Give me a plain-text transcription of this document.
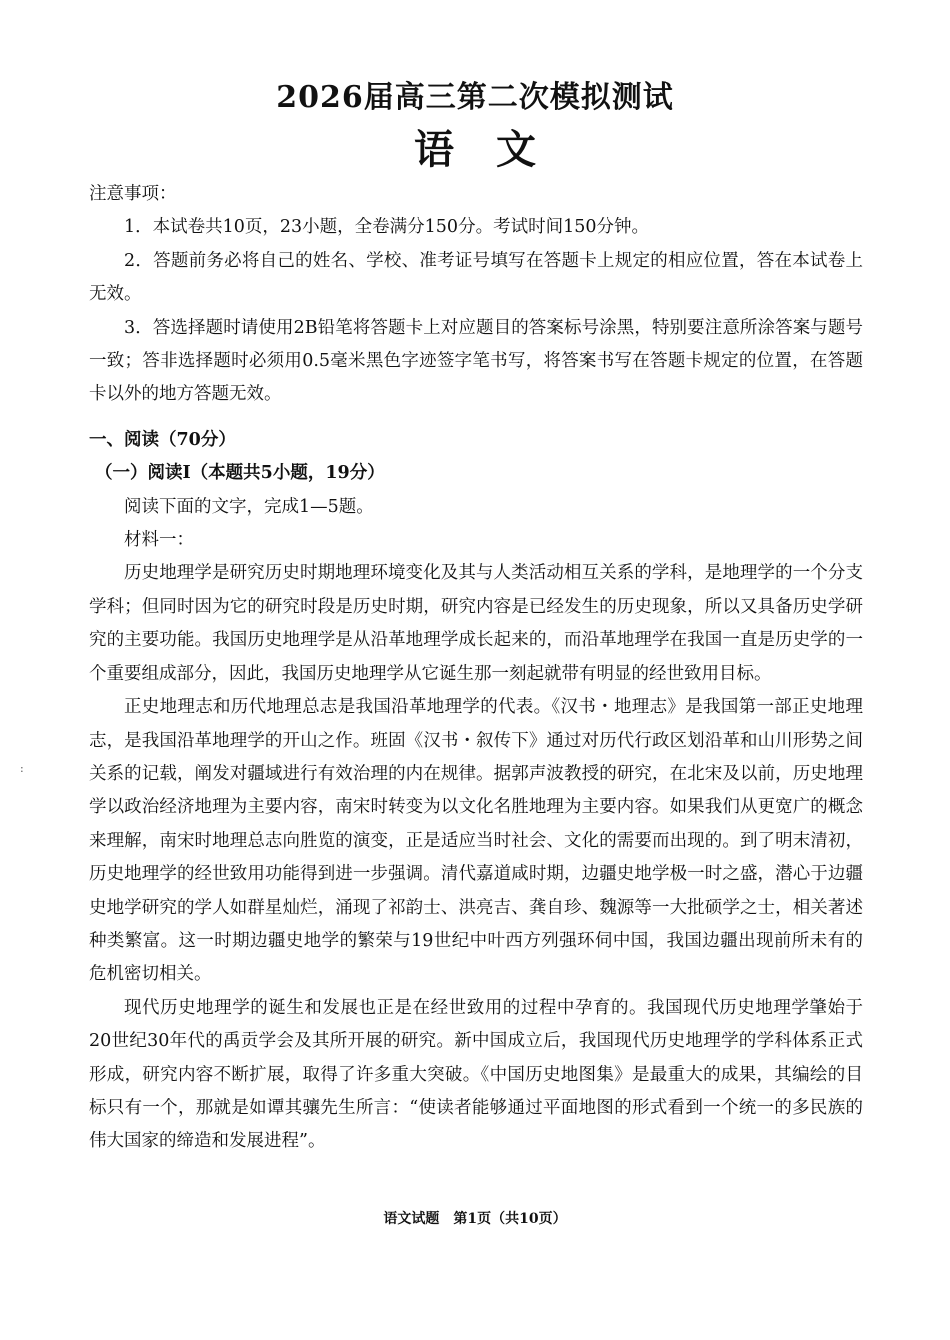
2026届高三第二次模拟测试
语文
:

注意事项：

1．本试卷共10页，23小题，全卷满分150分。考试时间150分钟。

2．答题前务必将自己的姓名、学校、准考证号填写在答题卡上规定的相应位置，答在本试卷上无效。

3．答选择题时请使用2B铅笔将答题卡上对应题目的答案标号涂黑，特别要注意所涂答案与题号一致；答非选择题时必须用0.5毫米黑色字迹签字笔书写，将答案书写在答题卡规定的位置，在答题卡以外的地方答题无效。

一、阅读（70分）

（一）阅读Ⅰ（本题共5小题，19分）

阅读下面的文字，完成1—5题。

材料一：

历史地理学是研究历史时期地理环境变化及其与人类活动相互关系的学科，是地理学的一个分支学科；但同时因为它的研究时段是历史时期，研究内容是已经发生的历史现象，所以又具备历史学研究的主要功能。我国历史地理学是从沿革地理学成长起来的，而沿革地理学在我国一直是历史学的一个重要组成部分，因此，我国历史地理学从它诞生那一刻起就带有明显的经世致用目标。

正史地理志和历代地理总志是我国沿革地理学的代表。《汉书・地理志》是我国第一部正史地理志，是我国沿革地理学的开山之作。班固《汉书・叙传下》通过对历代行政区划沿革和山川形势之间关系的记载，阐发对疆域进行有效治理的内在规律。据郭声波教授的研究，在北宋及以前，历史地理学以政治经济地理为主要内容，南宋时转变为以文化名胜地理为主要内容。如果我们从更宽广的概念来理解，南宋时地理总志向胜览的演变，正是适应当时社会、文化的需要而出现的。到了明末清初，历史地理学的经世致用功能得到进一步强调。清代嘉道咸时期，边疆史地学极一时之盛，潜心于边疆史地学研究的学人如群星灿烂，涌现了祁韵士、洪亮吉、龚自珍、魏源等一大批硕学之士，相关著述种类繁富。这一时期边疆史地学的繁荣与19世纪中叶西方列强环伺中国，我国边疆出现前所未有的危机密切相关。

现代历史地理学的诞生和发展也正是在经世致用的过程中孕育的。我国现代历史地理学肇始于20世纪30年代的禹贡学会及其所开展的研究。新中国成立后，我国现代历史地理学的学科体系正式形成，研究内容不断扩展，取得了许多重大突破。《中国历史地图集》是最重大的成果，其编绘的目标只有一个，那就是如谭其骧先生所言：“使读者能够通过平面地图的形式看到一个统一的多民族的伟大国家的缔造和发展进程”。

语文试题　第1页（共10页）
